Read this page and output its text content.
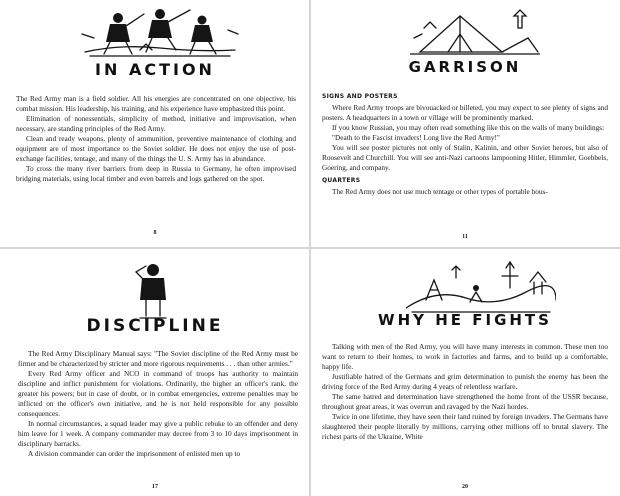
IN ACTION

The Red Army man is a field soldier. All his energies are concentrated on one objective, his combat mission. His leadership, his training, and his experience have emphasized this point.

Elimination of nonessentials, simplicity of method, initiative and improvisation, when necessary, are standing principles of the Red Army.

Clean and ready weapons, plenty of ammunition, preventive maintenance of clothing and equipment are of most importance to the Soviet soldier. He does not enjoy the use of post-exchange facilities, tentage, and many of the things the U. S. Army has in abundance.

To cross the many river barriers from deep in Russia to Germany, he often improvised bridging materials, using local timber and even barrels and logs gathered on the spot.

8
GARRISON
SIGNS AND POSTERS

Where Red Army troops are bivouacked or billeted, you may expect to see plenty of signs and posters. A headquarters in a town or village will be prominently marked.

If you know Russian, you may often read something like this on the walls of many buildings:

"Death to the Fascist invaders! Long live the Red Army!"

You will see poster pictures not only of Stalin, Kalinin, and other Soviet heroes, but also of Roosevelt and Churchill. You will see anti-Nazi cartoons lampooning Hitler, Himmler, Goebbels, Goering, and company.

QUARTERS

The Red Army does not use much tentage or other types of portable hous-

11
DISCIPLINE

The Red Army Disciplinary Manual says: "The Soviet discipline of the Red Army must be firmer and be characterized by stricter and more rigorous requirements . . . than other armies."

Every Red Army officer and NCO in command of troops has authority to maintain discipline and inflict punishment for violations. Ordinarily, the higher an officer's rank, the greater his powers; but in case of doubt, or in combat emergencies, extreme penalties may be inflicted on the officer's own initiative, and he is not held responsible for any possible consequences.

In normal circumstances, a squad leader may give a public rebuke to an offender and deny him leave for 1 week. A company commander may decree from 3 to 10 days imprisonment in disciplinary barracks.

A division commander can order the imprisonment of enlisted men up to

17
WHY HE FIGHTS

Talking with men of the Red Army, you will have many interests in common. These men too want to return to their homes, to work in factories and farms, and to build up a comfortable, happy life.

Justifiable hatred of the Germans and grim determination to punish the enemy has been the driving force of the Red Army during 4 years of relentless warfare.

The same hatred and determination have strengthened the home front of the USSR because, throughout great areas, it was overrun and ravaged by the Nazi hordes.

Twice in one lifetime, they have seen their land ruined by foreign invaders. The Germans have slaughtered their people literally by millions, carrying other millions off to brutal slavery. The richest parts of the Ukraine, White

20
